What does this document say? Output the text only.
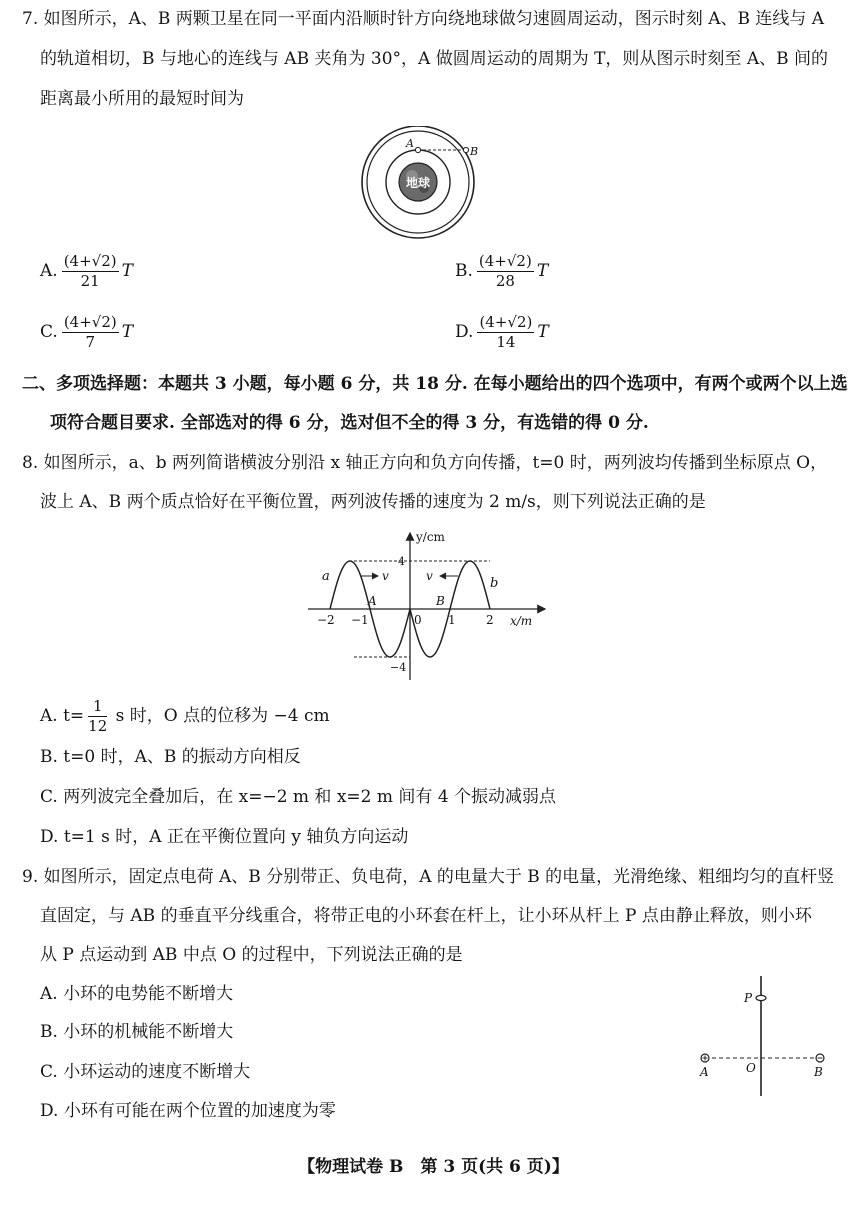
7. 如图所示，A、B 两颗卫星在同一平面内沿顺时针方向绕地球做匀速圆周运动，图示时刻 A、B 连线与 A
的轨道相切，B 与地心的连线与 AB 夹角为 30°，A 做圆周运动的周期为 T，则从图示时刻至 A、B 间的
距离最小所用的最短时间为
地球
A
B
A. $\frac{(4+√2)}{21}$ T	B. $\frac{(4+√2)}{28}$ T
C. $\frac{(4+√2)}{7}$ T	D. $\frac{(4+√2)}{14}$ T
二、多项选择题：本题共 3 小题，每小题 6 分，共 18 分. 在每小题给出的四个选项中，有两个或两个以上选
项符合题目要求. 全部选对的得 6 分，选对但不全的得 3 分，有选错的得 0 分.
8. 如图所示，a、b 两列简谐横波分别沿 x 轴正方向和负方向传播，t=0 时，两列波均传播到坐标原点 O，
波上 A、B 两个质点恰好在平衡位置，两列波传播的速度为 2 m/s，则下列说法正确的是
y/cm
x/m
v	v
a	b
A	B
4
−4
−2 −1	0 1	2
A. $t= \frac{1}{12}$ s 时，O 点的位移为 −4 cm
B. t=0 时，A、B 的振动方向相反
C. 两列波完全叠加后，在 x=−2 m 和 x=2 m 间有 4 个振动减弱点
D. t=1 s 时，A 正在平衡位置向 y 轴负方向运动
9. 如图所示，固定点电荷 A、B 分别带正、负电荷，A 的电量大于 B 的电量，光滑绝缘、粗细均匀的直杆竖
直固定，与 AB 的垂直平分线重合，将带正电的小环套在杆上，让小环从杆上 P 点由静止释放，则小环
从 P 点运动到 AB 中点 O 的过程中，下列说法正确的是
A. 小环的电势能不断增大
B. 小环的机械能不断增大
C. 小环运动的速度不断增大
D. 小环有可能在两个位置的加速度为零
P
A	O	B
【物理试卷 B　第 3 页(共 6 页)】
